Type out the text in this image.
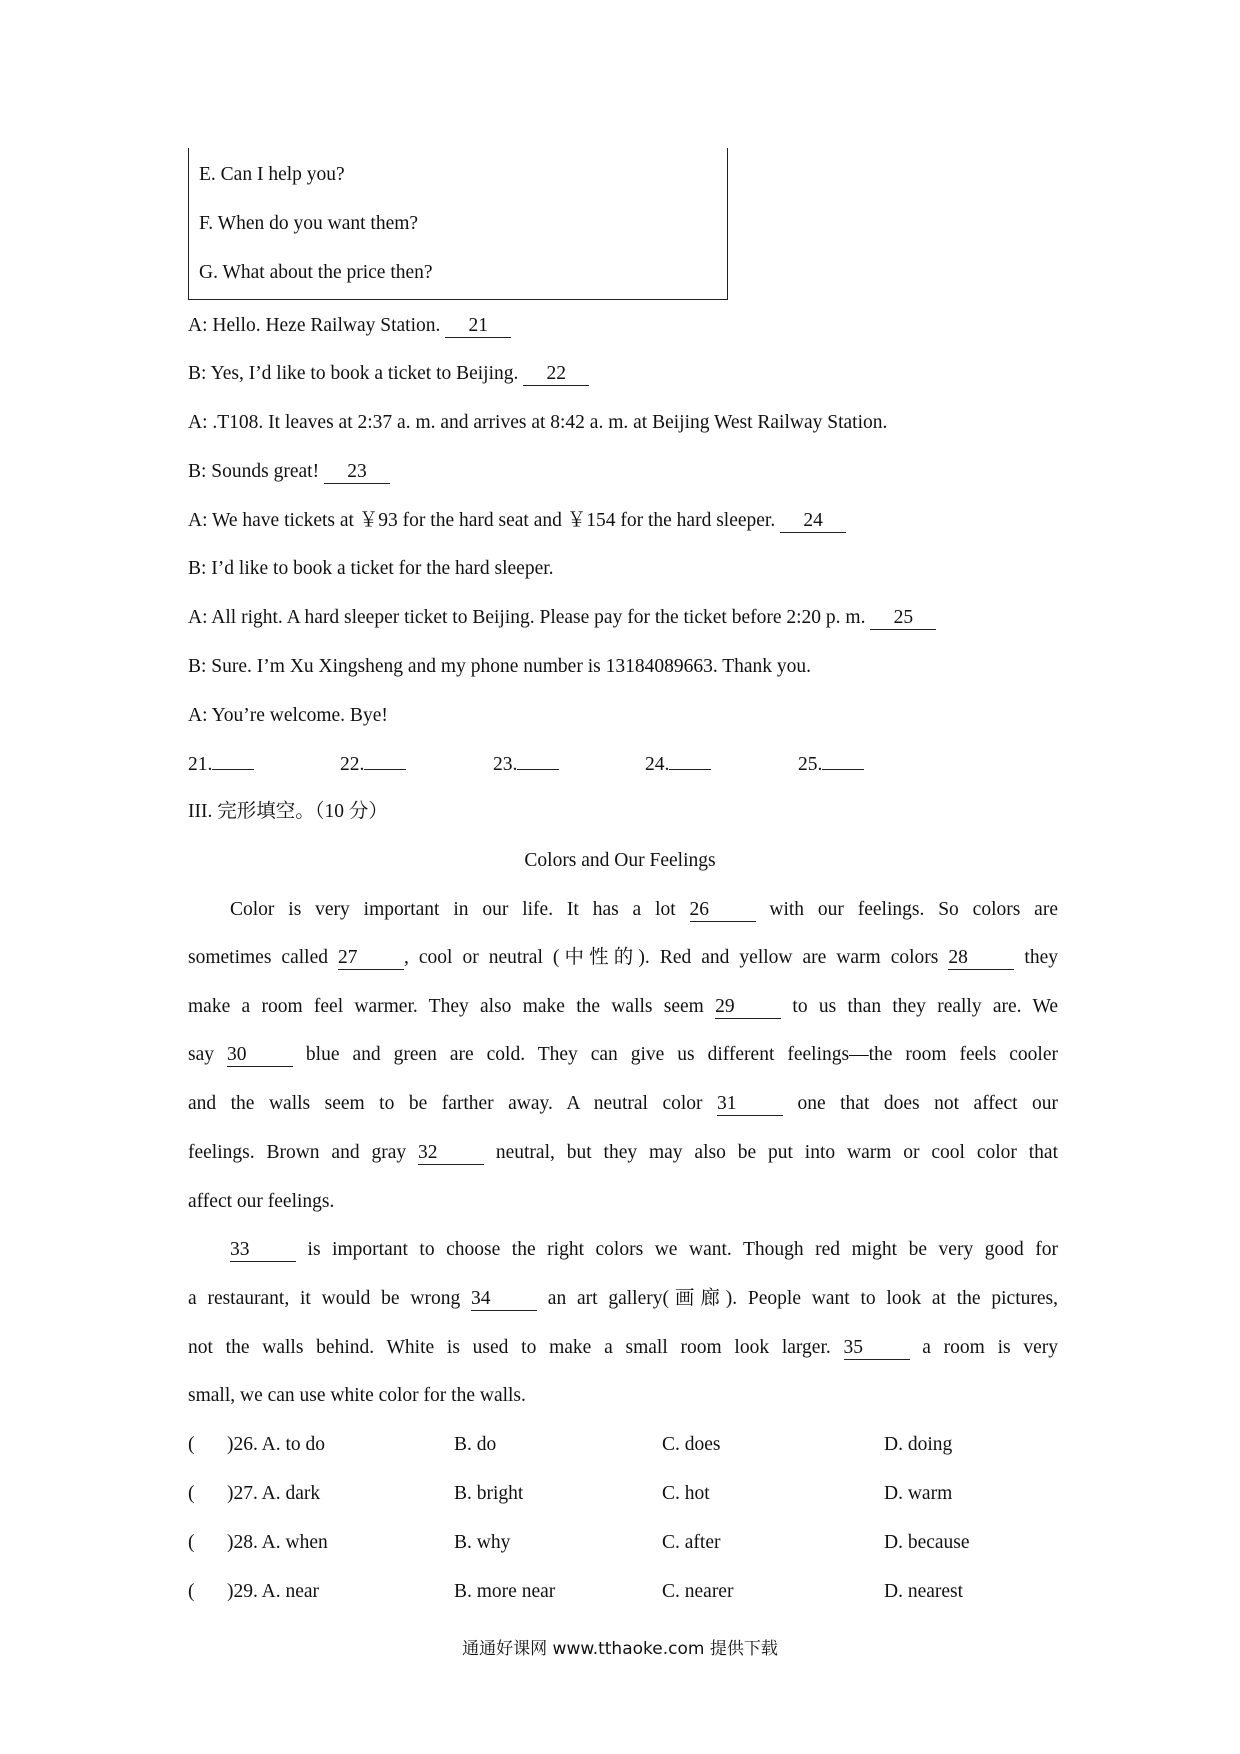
E. Can I help you?
F. When do you want them?
G. What about the price then?
A: Hello. Heze Railway Station. 21
B: Yes, I’d like to book a ticket to Beijing. 22
A: .T108. It leaves at 2:37 a. m. and arrives at 8:42 a. m. at Beijing West Railway Station.
B: Sounds great! 23
A: We have tickets at ￥93 for the hard seat and ￥154 for the hard sleeper. 24
B: I’d like to book a ticket for the hard sleeper.
A: All right. A hard sleeper ticket to Beijing. Please pay for the ticket before 2:20 p. m. 25
B: Sure. I’m Xu Xingsheng and my phone number is 13184089663. Thank you.
A: You’re welcome. Bye!
21.	22.	23.	24.	25.
III. 完形填空。（10 分）
Colors and Our Feelings
Color is very important in our life. It has a lot 26 with our feelings. So colors are
sometimes called 27 , cool or neutral (中性的). Red and yellow are warm colors 28 they
make a room feel warmer. They also make the walls seem 29 to us than they really are. We
say 30 blue and green are cold. They can give us different feelings—the room feels cooler
and the walls seem to be farther away. A neutral color 31 one that does not affect our
feelings. Brown and gray 32 neutral, but they may also be put into warm or cool color that
affect our feelings.
33 is important to choose the right colors we want. Though red might be very good for
a restaurant, it would be wrong 34 an art gallery(画廊). People want to look at the pictures,
not the walls behind. White is used to make a small room look larger. 35 a room is very
small, we can use white color for the walls.
( )26. A. to do	B. do	C. does	D. doing
( )27. A. dark	B. bright	C. hot	D. warm
( )28. A. when	B. why	C. after	D. because
( )29. A. near	B. more near	C. nearer	D. nearest
通通好课网 www.tthaoke.com 提供下载
